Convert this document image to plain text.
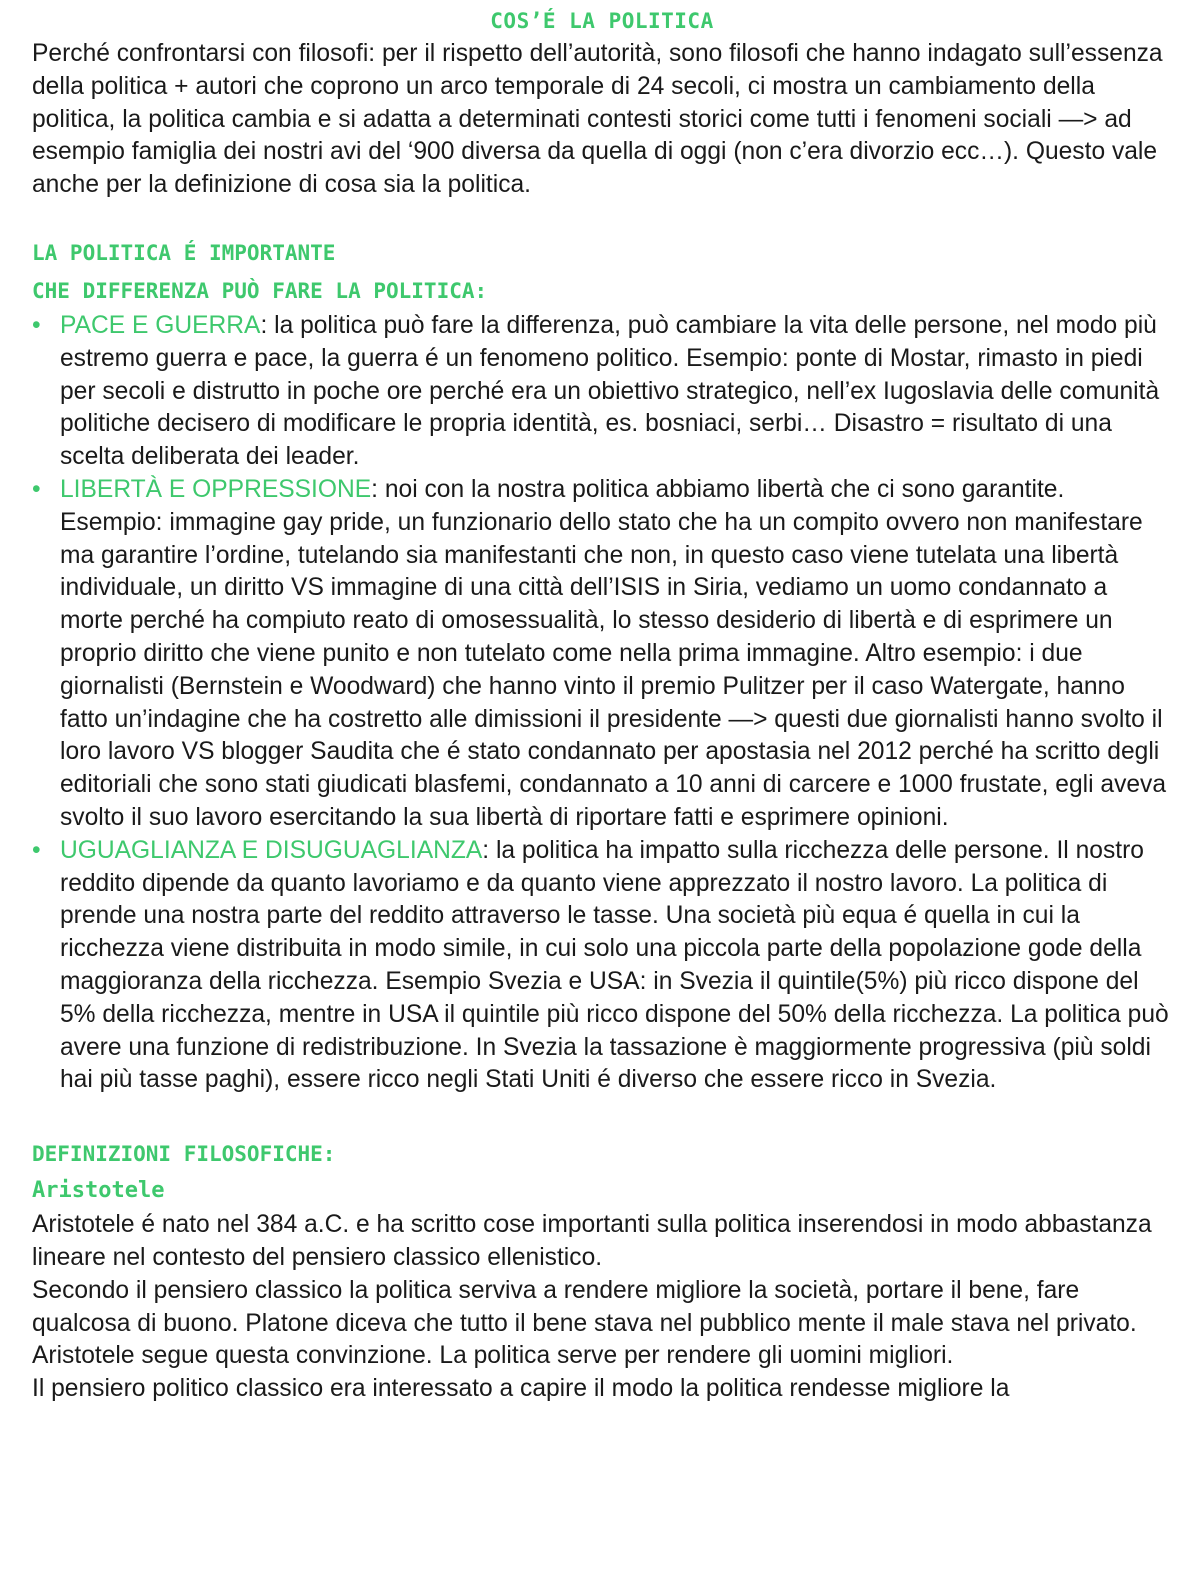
COS’É LA POLITICA

Perché confrontarsi con filosofi: per il rispetto dell’autorità, sono filosofi che hanno indagato sull’essenza della politica + autori che coprono un arco temporale di 24 secoli, ci mostra un cambiamento della politica, la politica cambia e si adatta a determinati contesti storici come tutti i fenomeni sociali —> ad esempio famiglia dei nostri avi del ‘900 diversa da quella di oggi (non c’era divorzio ecc…). Questo vale anche per la definizione di cosa sia la politica.

LA POLITICA É IMPORTANTE
CHE DIFFERENZA PUÒ FARE LA POLITICA:
• PACE E GUERRA: la politica può fare la differenza, può cambiare la vita delle persone, nel modo più estremo guerra e pace, la guerra é un fenomeno politico. Esempio: ponte di Mostar, rimasto in piedi per secoli e distrutto in poche ore perché era un obiettivo strategico, nell’ex Iugoslavia delle comunità politiche decisero di modificare le propria identità, es. bosniaci, serbi… Disastro = risultato di una scelta deliberata dei leader.
• LIBERTÀ E OPPRESSIONE: noi con la nostra politica abbiamo libertà che ci sono garantite. Esempio: immagine gay pride, un funzionario dello stato che ha un compito ovvero non manifestare ma garantire l’ordine, tutelando sia manifestanti che non, in questo caso viene tutelata una libertà individuale, un diritto VS immagine di una città dell’ISIS in Siria, vediamo un uomo condannato a morte perché ha compiuto reato di omosessualità, lo stesso desiderio di libertà e di esprimere un proprio diritto che viene punito e non tutelato come nella prima immagine. Altro esempio: i due giornalisti (Bernstein e Woodward) che hanno vinto il premio Pulitzer per il caso Watergate, hanno fatto un’indagine che ha costretto alle dimissioni il presidente —> questi due giornalisti hanno svolto il loro lavoro VS blogger Saudita che é stato condannato per apostasia nel 2012 perché ha scritto degli editoriali che sono stati giudicati blasfemi, condannato a 10 anni di carcere e 1000 frustate, egli aveva svolto il suo lavoro esercitando la sua libertà di riportare fatti e esprimere opinioni.
• UGUAGLIANZA E DISUGUAGLIANZA: la politica ha impatto sulla ricchezza delle persone. Il nostro reddito dipende da quanto lavoriamo e da quanto viene apprezzato il nostro lavoro. La politica di prende una nostra parte del reddito attraverso le tasse. Una società più equa é quella in cui la ricchezza viene distribuita in modo simile, in cui solo una piccola parte della popolazione gode della maggioranza della ricchezza. Esempio Svezia e USA: in Svezia il quintile(5%) più ricco dispone del 5% della ricchezza, mentre in USA il quintile più ricco dispone del 50% della ricchezza. La politica può avere una funzione di redistribuzione. In Svezia la tassazione è maggiormente progressiva (più soldi hai più tasse paghi), essere ricco negli Stati Uniti é diverso che essere ricco in Svezia.
DEFINIZIONI FILOSOFICHE:
Aristotele

Aristotele é nato nel 384 a.C. e ha scritto cose importanti sulla politica inserendosi in modo abbastanza lineare nel contesto del pensiero classico ellenistico.

Secondo il pensiero classico la politica serviva a rendere migliore la società, portare il bene, fare qualcosa di buono. Platone diceva che tutto il bene stava nel pubblico mente il male stava nel privato. Aristotele segue questa convinzione. La politica serve per rendere gli uomini migliori.

Il pensiero politico classico era interessato a capire il modo la politica rendesse migliore la
